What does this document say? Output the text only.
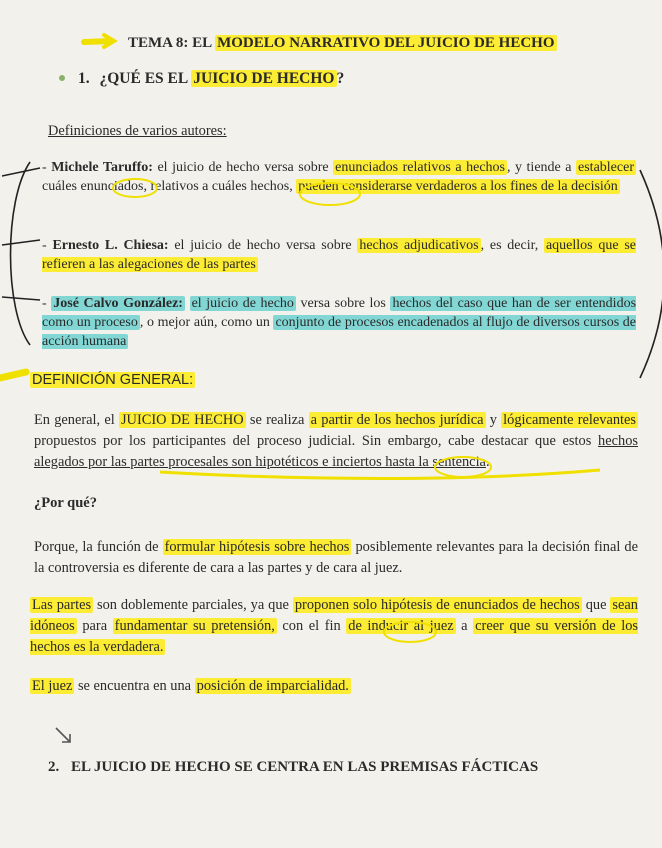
TEMA 8: EL MODELO NARRATIVO DEL JUICIO DE HECHO
1. ¿QUÉ ES EL JUICIO DE HECHO ?
Definiciones de varios autores:
- Michele Taruffo: el juicio de hecho versa sobre enunciados relativos a hechos , y tiende a establecer cuáles enunciados, relativos a cuáles hechos, pueden considerarse verdaderos a los fines de la decisión
- Ernesto L. Chiesa: el juicio de hecho versa sobre hechos adjudicativos , es decir, aquellos que se refieren a las alegaciones de las partes
- José Calvo González: el juicio de hecho versa sobre los hechos del caso que han de ser entendidos como un proceso , o mejor aún, como un conjunto de procesos encadenados al flujo de diversos cursos de acción humana
DEFINICIÓN GENERAL:
En general, el JUICIO DE HECHO se realiza a partir de los hechos jurídica y lógicamente relevantes propuestos por los participantes del proceso judicial. Sin embargo, cabe destacar que estos hechos alegados por las partes procesales son hipotéticos e inciertos hasta la sentencia.
¿Por qué?
Porque, la función de formular hipótesis sobre hechos posiblemente relevantes para la decisión final de la controversia es diferente de cara a las partes y de cara al juez.
Las partes son doblemente parciales, ya que proponen solo hipótesis de enunciados de hechos que sean idóneos para fundamentar su pretensión, con el fin de inducir al juez a creer que su versión de los hechos es la verdadera.
El juez se encuentra en una posición de imparcialidad.
2. EL JUICIO DE HECHO SE CENTRA EN LAS PREMISAS FÁCTICAS
